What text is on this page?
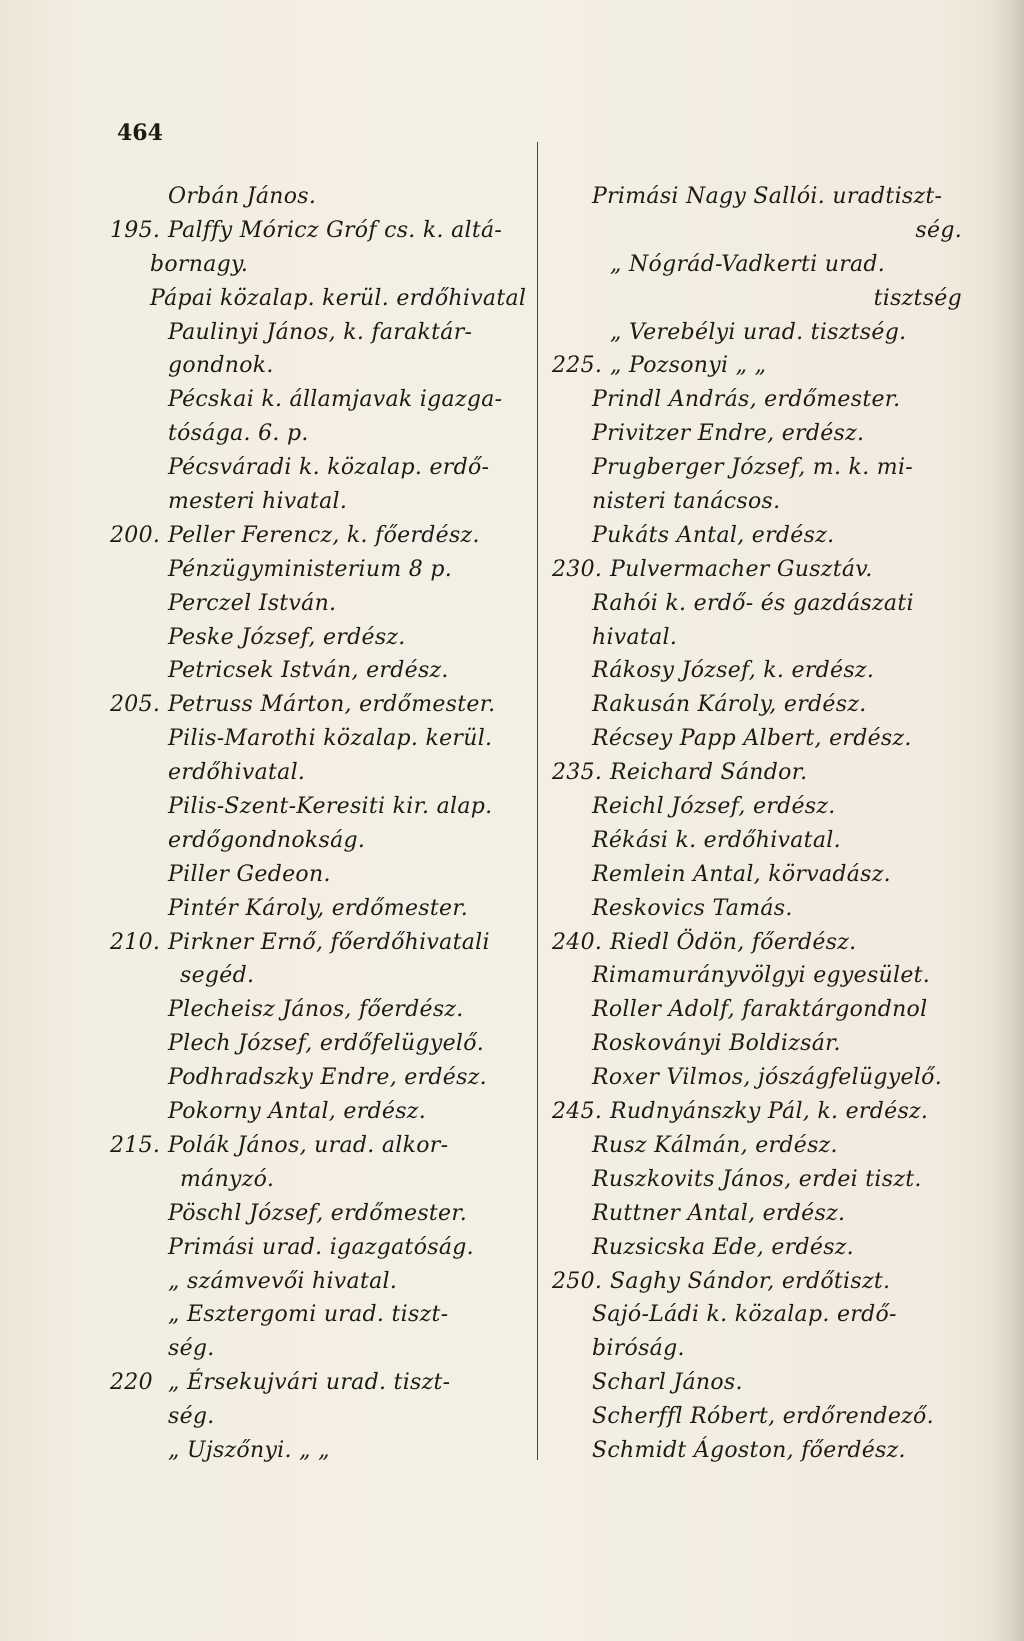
464
Orbán János.
195. Palffy Móricz Gróf cs. k. altá-
bornagy.
Pápai közalap. kerül. erdőhivatal
Paulinyi János, k. faraktár-
gondnok.
Pécskai k. államjavak igazga-
tósága. 6. p.
Pécsváradi k. közalap. erdő-
mesteri hivatal.
200. Peller Ferencz, k. főerdész.
Pénzügyministerium 8 p.
Perczel István.
Peske József, erdész.
Petricsek István, erdész.
205. Petruss Márton, erdőmester.
Pilis-Marothi közalap. kerül.
erdőhivatal.
Pilis-Szent-Keresiti kir. alap.
erdőgondnokság.
Piller Gedeon.
Pintér Károly, erdőmester.
210. Pirkner Ernő, főerdőhivatali
segéd.
Plecheisz János, főerdész.
Plech József, erdőfelügyelő.
Podhradszky Endre, erdész.
Pokorny Antal, erdész.
215. Polák János, urad. alkor-
mányzó.
Pöschl József, erdőmester.
Primási urad. igazgatóság.
„ számvevői hivatal.
„ Esztergomi urad. tiszt-
ség.
220 „ Érsekujvári urad. tiszt-
ség.
„ Ujszőnyi. „ „
Primási Nagy Sallói. uradtiszt-
ség.
„ Nógrád-Vadkerti urad.
tisztség
„ Verebélyi urad. tisztség.
225. „ Pozsonyi „ „
Prindl András, erdőmester.
Privitzer Endre, erdész.
Prugberger József, m. k. mi-
nisteri tanácsos.
Pukáts Antal, erdész.
230. Pulvermacher Gusztáv.
Rahói k. erdő- és gazdászati
hivatal.
Rákosy József, k. erdész.
Rakusán Károly, erdész.
Récsey Papp Albert, erdész.
235. Reichard Sándor.
Reichl József, erdész.
Rékási k. erdőhivatal.
Remlein Antal, körvadász.
Reskovics Tamás.
240. Riedl Ödön, főerdész.
Rimamurányvölgyi egyesület.
Roller Adolf, faraktárgondnol
Roskoványi Boldizsár.
Roxer Vilmos, jószágfelügyelő.
245. Rudnyánszky Pál, k. erdész.
Rusz Kálmán, erdész.
Ruszkovits János, erdei tiszt.
Ruttner Antal, erdész.
Ruzsicska Ede, erdész.
250. Saghy Sándor, erdőtiszt.
Sajó-Ládi k. közalap. erdő-
biróság.
Scharl János.
Scherffl Róbert, erdőrendező.
Schmidt Ágoston, főerdész.
